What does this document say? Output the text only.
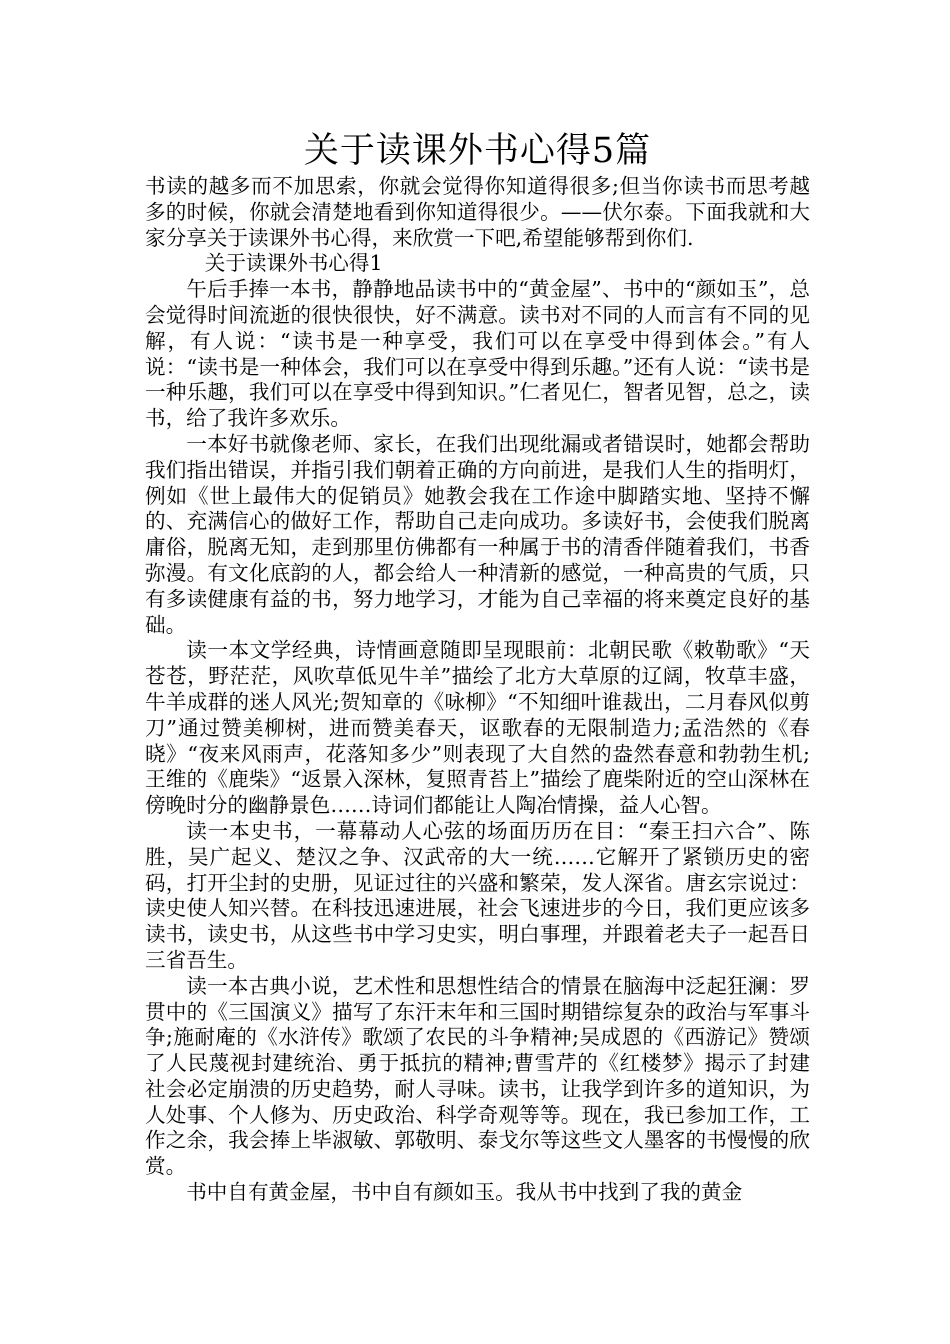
关于读课外书心得5篇

书读的越多而不加思索，你就会觉得你知道得很多;但当你读书而思考越多的时候，你就会清楚地看到你知道得很少。——伏尔泰。下面我就和大家分享关于读课外书心得，来欣赏一下吧,希望能够帮到你们.

关于读课外书心得1

午后手捧一本书，静静地品读书中的“黄金屋”、书中的“颜如玉”，总会觉得时间流逝的很快很快，好不满意。读书对不同的人而言有不同的见解，有人说：“读书是一种享受，我们可以在享受中得到体会。”有人说：“读书是一种体会，我们可以在享受中得到乐趣。”还有人说：“读书是一种乐趣，我们可以在享受中得到知识。”仁者见仁，智者见智，总之，读书，给了我许多欢乐。

一本好书就像老师、家长，在我们出现纰漏或者错误时，她都会帮助我们指出错误，并指引我们朝着正确的方向前进，是我们人生的指明灯，例如《世上最伟大的促销员》她教会我在工作途中脚踏实地、坚持不懈的、充满信心的做好工作，帮助自己走向成功。多读好书，会使我们脱离庸俗，脱离无知，走到那里仿佛都有一种属于书的清香伴随着我们，书香弥漫。有文化底韵的人，都会给人一种清新的感觉，一种高贵的气质，只有多读健康有益的书，努力地学习，才能为自己幸福的将来奠定良好的基础。

读一本文学经典，诗情画意随即呈现眼前：北朝民歌《敕勒歌》“天苍苍，野茫茫，风吹草低见牛羊”描绘了北方大草原的辽阔，牧草丰盛，牛羊成群的迷人风光;贺知章的《咏柳》“不知细叶谁裁出，二月春风似剪刀”通过赞美柳树，进而赞美春天，讴歌春的无限制造力;孟浩然的《春晓》“夜来风雨声，花落知多少”则表现了大自然的盎然春意和勃勃生机;王维的《鹿柴》“返景入深林，复照青苔上”描绘了鹿柴附近的空山深林在傍晚时分的幽静景色……诗词们都能让人陶冶情操，益人心智。

读一本史书，一幕幕动人心弦的场面历历在目：“秦王扫六合”、陈胜，吴广起义、楚汉之争、汉武帝的大一统……它解开了紧锁历史的密码，打开尘封的史册，见证过往的兴盛和繁荣，发人深省。唐玄宗说过：读史使人知兴替。在科技迅速进展，社会飞速进步的今日，我们更应该多读书，读史书，从这些书中学习史实，明白事理，并跟着老夫子一起吾日三省吾生。

读一本古典小说，艺术性和思想性结合的情景在脑海中泛起狂澜：罗贯中的《三国演义》描写了东汗末年和三国时期错综复杂的政治与军事斗争;施耐庵的《水浒传》歌颂了农民的斗争精神;吴成恩的《西游记》赞颂了人民蔑视封建统治、勇于抵抗的精神;曹雪芹的《红楼梦》揭示了封建社会必定崩溃的历史趋势，耐人寻味。读书，让我学到许多的道知识，为人处事、个人修为、历史政治、科学奇观等等。现在，我已参加工作，工作之余，我会捧上毕淑敏、郭敬明、泰戈尔等这些文人墨客的书慢慢的欣赏。

书中自有黄金屋，书中自有颜如玉。我从书中找到了我的黄金
